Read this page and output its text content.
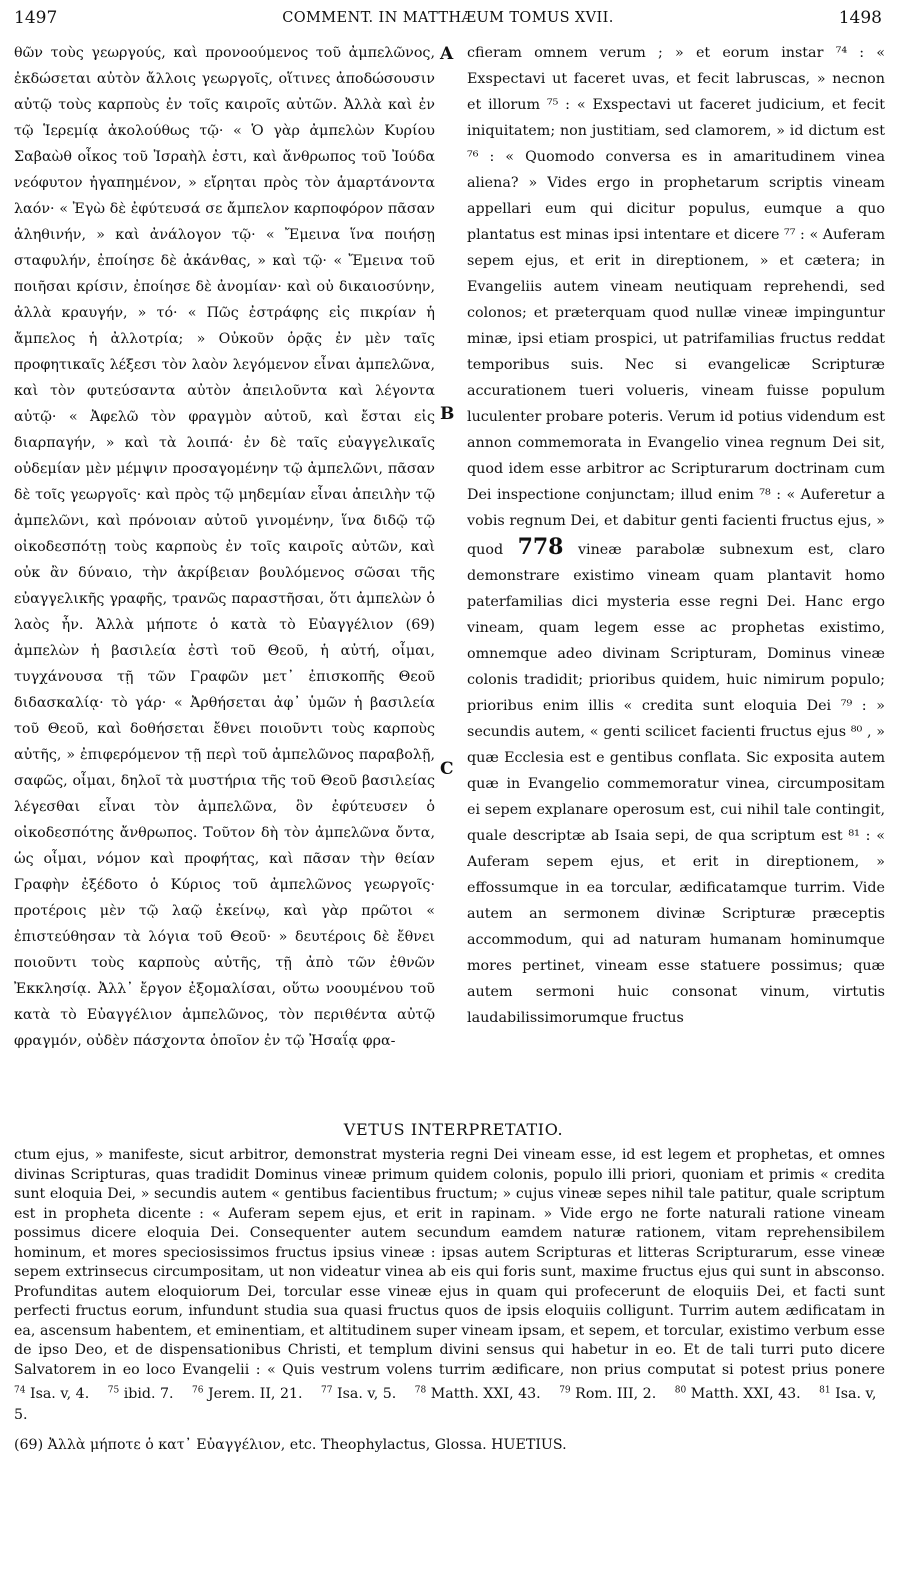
1497	COMMENT. IN MATTHÆUM TOMUS XVII.	1498
θῶν τοὺς γεωργούς, καὶ προνοούμενος τοῦ ἀμπελῶνος, ἐκδώσεται αὐτὸν ἄλλοις γεωργοῖς, οἵτινες ἀποδώσουσιν αὐτῷ τοὺς καρποὺς ἐν τοῖς καιροῖς αὐτῶν. Ἀλλὰ καὶ ἐν τῷ Ἱερεμίᾳ ἀκολούθως τῷ· « Ὁ γὰρ ἀμπελὼν Κυρίου Σαβαὼθ οἶκος τοῦ Ἰσραὴλ ἐστι, καὶ ἄνθρωπος τοῦ Ἰούδα νεόφυτον ἠγαπημένον, » εἴρηται πρὸς τὸν ἁμαρτάνοντα λαόν· « Ἐγὼ δὲ ἐφύτευσά σε ἄμπελον καρποφόρον πᾶσαν ἀληθινήν, » καὶ ἀνάλογον τῷ· « Ἔμεινα ἵνα ποιήσῃ σταφυλήν, ἐποίησε δὲ ἀκάνθας, » καὶ τῷ· « Ἔμεινα τοῦ ποιῆσαι κρίσιν, ἐποίησε δὲ ἀνομίαν· καὶ οὐ δικαιοσύνην, ἀλλὰ κραυγήν, » τό· « Πῶς ἐστράφης εἰς πικρίαν ἡ ἄμπελος ἡ ἀλλοτρία; » Οὐκοῦν ὁρᾷς ἐν μὲν ταῖς προφητικαῖς λέξεσι τὸν λαὸν λεγόμενον εἶναι ἀμπελῶνα, καὶ τὸν φυτεύσαντα αὐτὸν ἀπειλοῦντα καὶ λέγοντα αὐτῷ· « Ἀφελῶ τὸν φραγμὸν αὐτοῦ, καὶ ἔσται εἰς διαρπαγήν, » καὶ τὰ λοιπά· ἐν δὲ ταῖς εὐαγγελικαῖς οὐδεμίαν μὲν μέμψιν προσαγομένην τῷ ἀμπελῶνι, πᾶσαν δὲ τοῖς γεωργοῖς· καὶ πρὸς τῷ μηδεμίαν εἶναι ἀπειλὴν τῷ ἀμπελῶνι, καὶ πρόνοιαν αὐτοῦ γινομένην, ἵνα διδῷ τῷ οἰκοδεσπότῃ τοὺς καρποὺς ἐν τοῖς καιροῖς αὐτῶν, καὶ οὐκ ἂν δύναιο, τὴν ἀκρίβειαν βουλόμενος σῶσαι τῆς εὐαγγελικῆς γραφῆς, τρανῶς παραστῆσαι, ὅτι ἀμπελὼν ὁ λαὸς ἦν. Ἀλλὰ μήποτε ὁ κατὰ τὸ Εὐαγγέλιον (69) ἀμπελὼν ἡ βασιλεία ἐστὶ τοῦ Θεοῦ, ἡ αὐτή, οἶμαι, τυγχάνουσα τῇ τῶν Γραφῶν μετ᾽ ἐπισκοπῆς Θεοῦ διδασκαλίᾳ· τὸ γάρ· « Ἀρθήσεται ἀφ᾽ ὑμῶν ἡ βασιλεία τοῦ Θεοῦ, καὶ δοθήσεται ἔθνει ποιοῦντι τοὺς καρποὺς αὐτῆς, » ἐπιφερόμενον τῇ περὶ τοῦ ἀμπελῶνος παραβολῇ, σαφῶς, οἶμαι, δηλοῖ τὰ μυστήρια τῆς τοῦ Θεοῦ βασιλείας λέγεσθαι εἶναι τὸν ἀμπελῶνα, ὃν ἐφύτευσεν ὁ οἰκοδεσπότης ἄνθρωπος. Τοῦτον δὴ τὸν ἀμπελῶνα ὄντα, ὡς οἶμαι, νόμον καὶ προφήτας, καὶ πᾶσαν τὴν θείαν Γραφὴν ἐξέδοτο ὁ Κύριος τοῦ ἀμπελῶνος γεωργοῖς· προτέροις μὲν τῷ λαῷ ἐκείνῳ, καὶ γὰρ πρῶτοι « ἐπιστεύθησαν τὰ λόγια τοῦ Θεοῦ· » δευτέροις δὲ ἔθνει ποιοῦντι τοὺς καρποὺς αὐτῆς, τῇ ἀπὸ τῶν ἐθνῶν Ἐκκλησίᾳ. Ἀλλ᾽ ἔργον ἐξομαλίσαι, οὕτω νοουμένου τοῦ κατὰ τὸ Εὐαγγέλιον ἀμπελῶνος, τὸν περιθέντα αὐτῷ φραγμόν, οὐδὲν πάσχοντα ὁποῖον ἐν τῷ Ἠσαΐᾳ φρα-
A
B
C
cfieram omnem verum ; » et eorum instar ⁷⁴ : « Exspectavi ut faceret uvas, et fecit labruscas, » necnon et illorum ⁷⁵ : « Exspectavi ut faceret judicium, et fecit iniquitatem; non justitiam, sed clamorem, » id dictum est ⁷⁶ : « Quomodo conversa es in amaritudinem vinea aliena? » Vides ergo in prophetarum scriptis vineam appellari eum qui dicitur populus, eumque a quo plantatus est minas ipsi intentare et dicere ⁷⁷ : « Auferam sepem ejus, et erit in direptionem, » et cætera; in Evangeliis autem vineam neutiquam reprehendi, sed colonos; et præterquam quod nullæ vineæ impinguntur minæ, ipsi etiam prospici, ut patrifamilias fructus reddat temporibus suis. Nec si evangelicæ Scripturæ accurationem tueri volueris, vineam fuisse populum luculenter probare poteris. Verum id potius videndum est annon commemorata in Evangelio vinea regnum Dei sit, quod idem esse arbitror ac Scripturarum doctrinam cum Dei inspectione conjunctam; illud enim ⁷⁸ : « Auferetur a vobis regnum Dei, et dabitur genti facienti fructus ejus, » quod 778 vineæ parabolæ subnexum est, claro demonstrare existimo vineam quam plantavit homo paterfamilias dici mysteria esse regni Dei. Hanc ergo vineam, quam legem esse ac prophetas existimo, omnemque adeo divinam Scripturam, Dominus vineæ colonis tradidit; prioribus quidem, huic nimirum populo; prioribus enim illis « credita sunt eloquia Dei ⁷⁹ : » secundis autem, « genti scilicet facienti fructus ejus ⁸⁰ , » quæ Ecclesia est e gentibus conflata. Sic exposita autem quæ in Evangelio commemoratur vinea, circumpositam ei sepem explanare operosum est, cui nihil tale contingit, quale descriptæ ab Isaia sepi, de qua scriptum est ⁸¹ : « Auferam sepem ejus, et erit in direptionem, » effossumque in ea torcular, ædificatamque turrim. Vide autem an sermonem divinæ Scripturæ præceptis accommodum, qui ad naturam humanam hominumque mores pertinet, vineam esse statuere possimus; quæ autem sermoni huic consonat vinum, virtutis laudabilissimorumque fructus
VETUS INTERPRETATIO.
ctum ejus, » manifeste, sicut arbitror, demonstrat mysteria regni Dei vineam esse, id est legem et prophetas, et omnes divinas Scripturas, quas tradidit Dominus vineæ primum quidem colonis, populo illi priori, quoniam et primis « credita sunt eloquia Dei, » secundis autem « gentibus facientibus fructum; » cujus vineæ sepes nihil tale patitur, quale scriptum est in propheta dicente : « Auferam sepem ejus, et erit in rapinam. » Vide ergo ne forte naturali ratione vineam possimus dicere eloquia Dei. Consequenter autem secundum eamdem naturæ rationem, vitam reprehensibilem hominum, et mores speciosissimos fructus ipsius vineæ : ipsas autem Scripturas et litteras Scripturarum, esse vineæ sepem extrinsecus circumpositam, ut non videatur vinea ab eis qui foris sunt, maxime fructus ejus qui sunt in absconso. Profunditas autem eloquiorum Dei, torcular esse vineæ ejus in quam qui profecerunt de eloquiis Dei, et facti sunt perfecti fructus eorum, infundunt studia sua quasi fructus quos de ipsis eloquiis colligunt. Turrim autem ædificatam in ea, ascensum habentem, et eminentiam, et altitudinem super vineam ipsam, et sepem, et torcular, existimo verbum esse de ipso Deo, et de dispensationibus Christi, et templum divini sensus qui habetur in eo. Et de tali turri puto dicere Salvatorem in eo loco Evangelii : « Quis vestrum volens turrim ædificare, non prius computat si potest prius ponere
$^{74}$ Isa. v, 4. $^{75}$ ibid. 7. $^{76}$ Jerem. II, 21. $^{77}$ Isa. v, 5. $^{78}$ Matth. XXI, 43. $^{79}$ Rom. III, 2. $^{80}$ Matth. XXI, 43. $^{81}$ Isa. v, 5.
(69) Ἀλλὰ μήποτε ὁ κατ᾽ Εὐαγγέλιον, etc. Theophylactus, Glossa. HUETIUS.
